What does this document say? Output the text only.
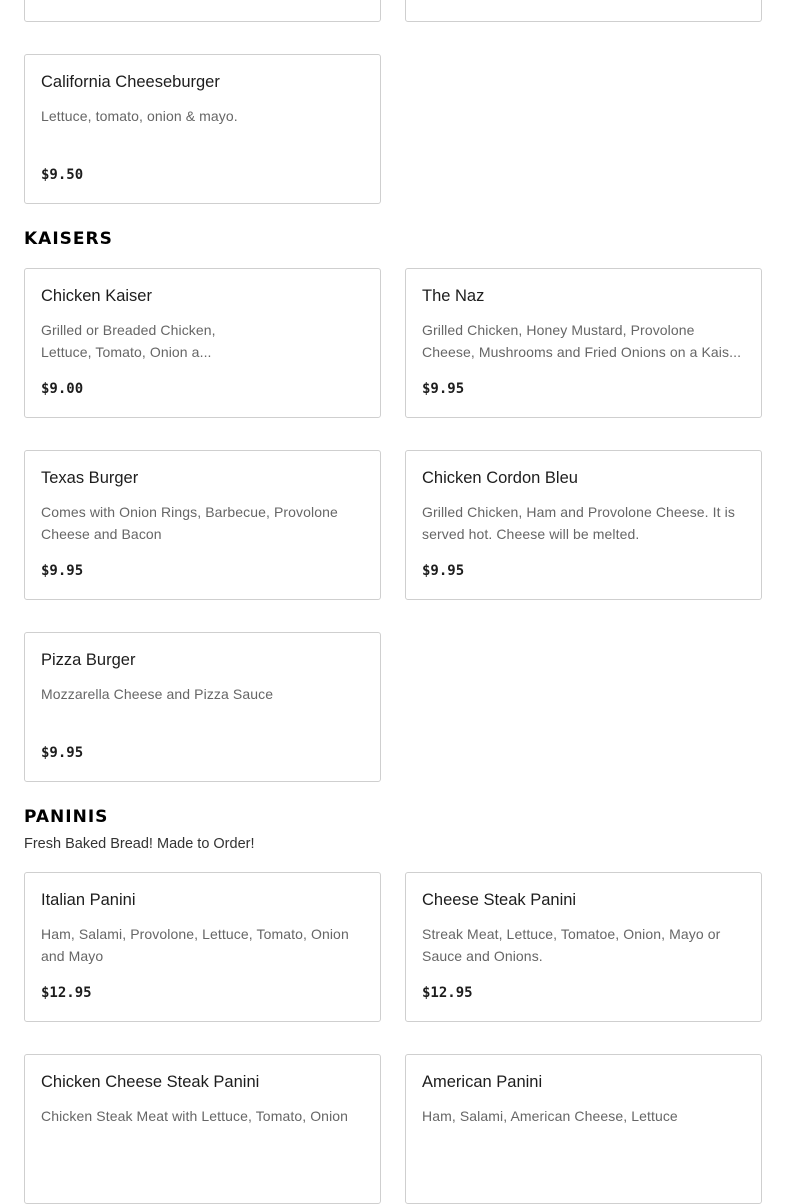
California Cheeseburger
Lettuce, tomato, onion & mayo.
$9.50
KAISERS
Chicken Kaiser
Grilled or Breaded Chicken, Lettuce, Tomato, Onion a...
$9.00
The Naz
Grilled Chicken, Honey Mustard, Provolone Cheese, Mushrooms and Fried Onions on a Kais...
$9.95
Texas Burger
Comes with Onion Rings, Barbecue, Provolone Cheese and Bacon
$9.95
Chicken Cordon Bleu
Grilled Chicken, Ham and Provolone Cheese. It is served hot. Cheese will be melted.
$9.95
Pizza Burger
Mozzarella Cheese and Pizza Sauce
$9.95
PANINIS
Fresh Baked Bread! Made to Order!
Italian Panini
Ham, Salami, Provolone, Lettuce, Tomato, Onion and Mayo
$12.95
Cheese Steak Panini
Streak Meat, Lettuce, Tomatoe, Onion, Mayo or Sauce and Onions.
$12.95
Chicken Cheese Steak Panini
Chicken Steak Meat with Lettuce, Tomato, Onion
American Panini
Ham, Salami, American Cheese, Lettuce
